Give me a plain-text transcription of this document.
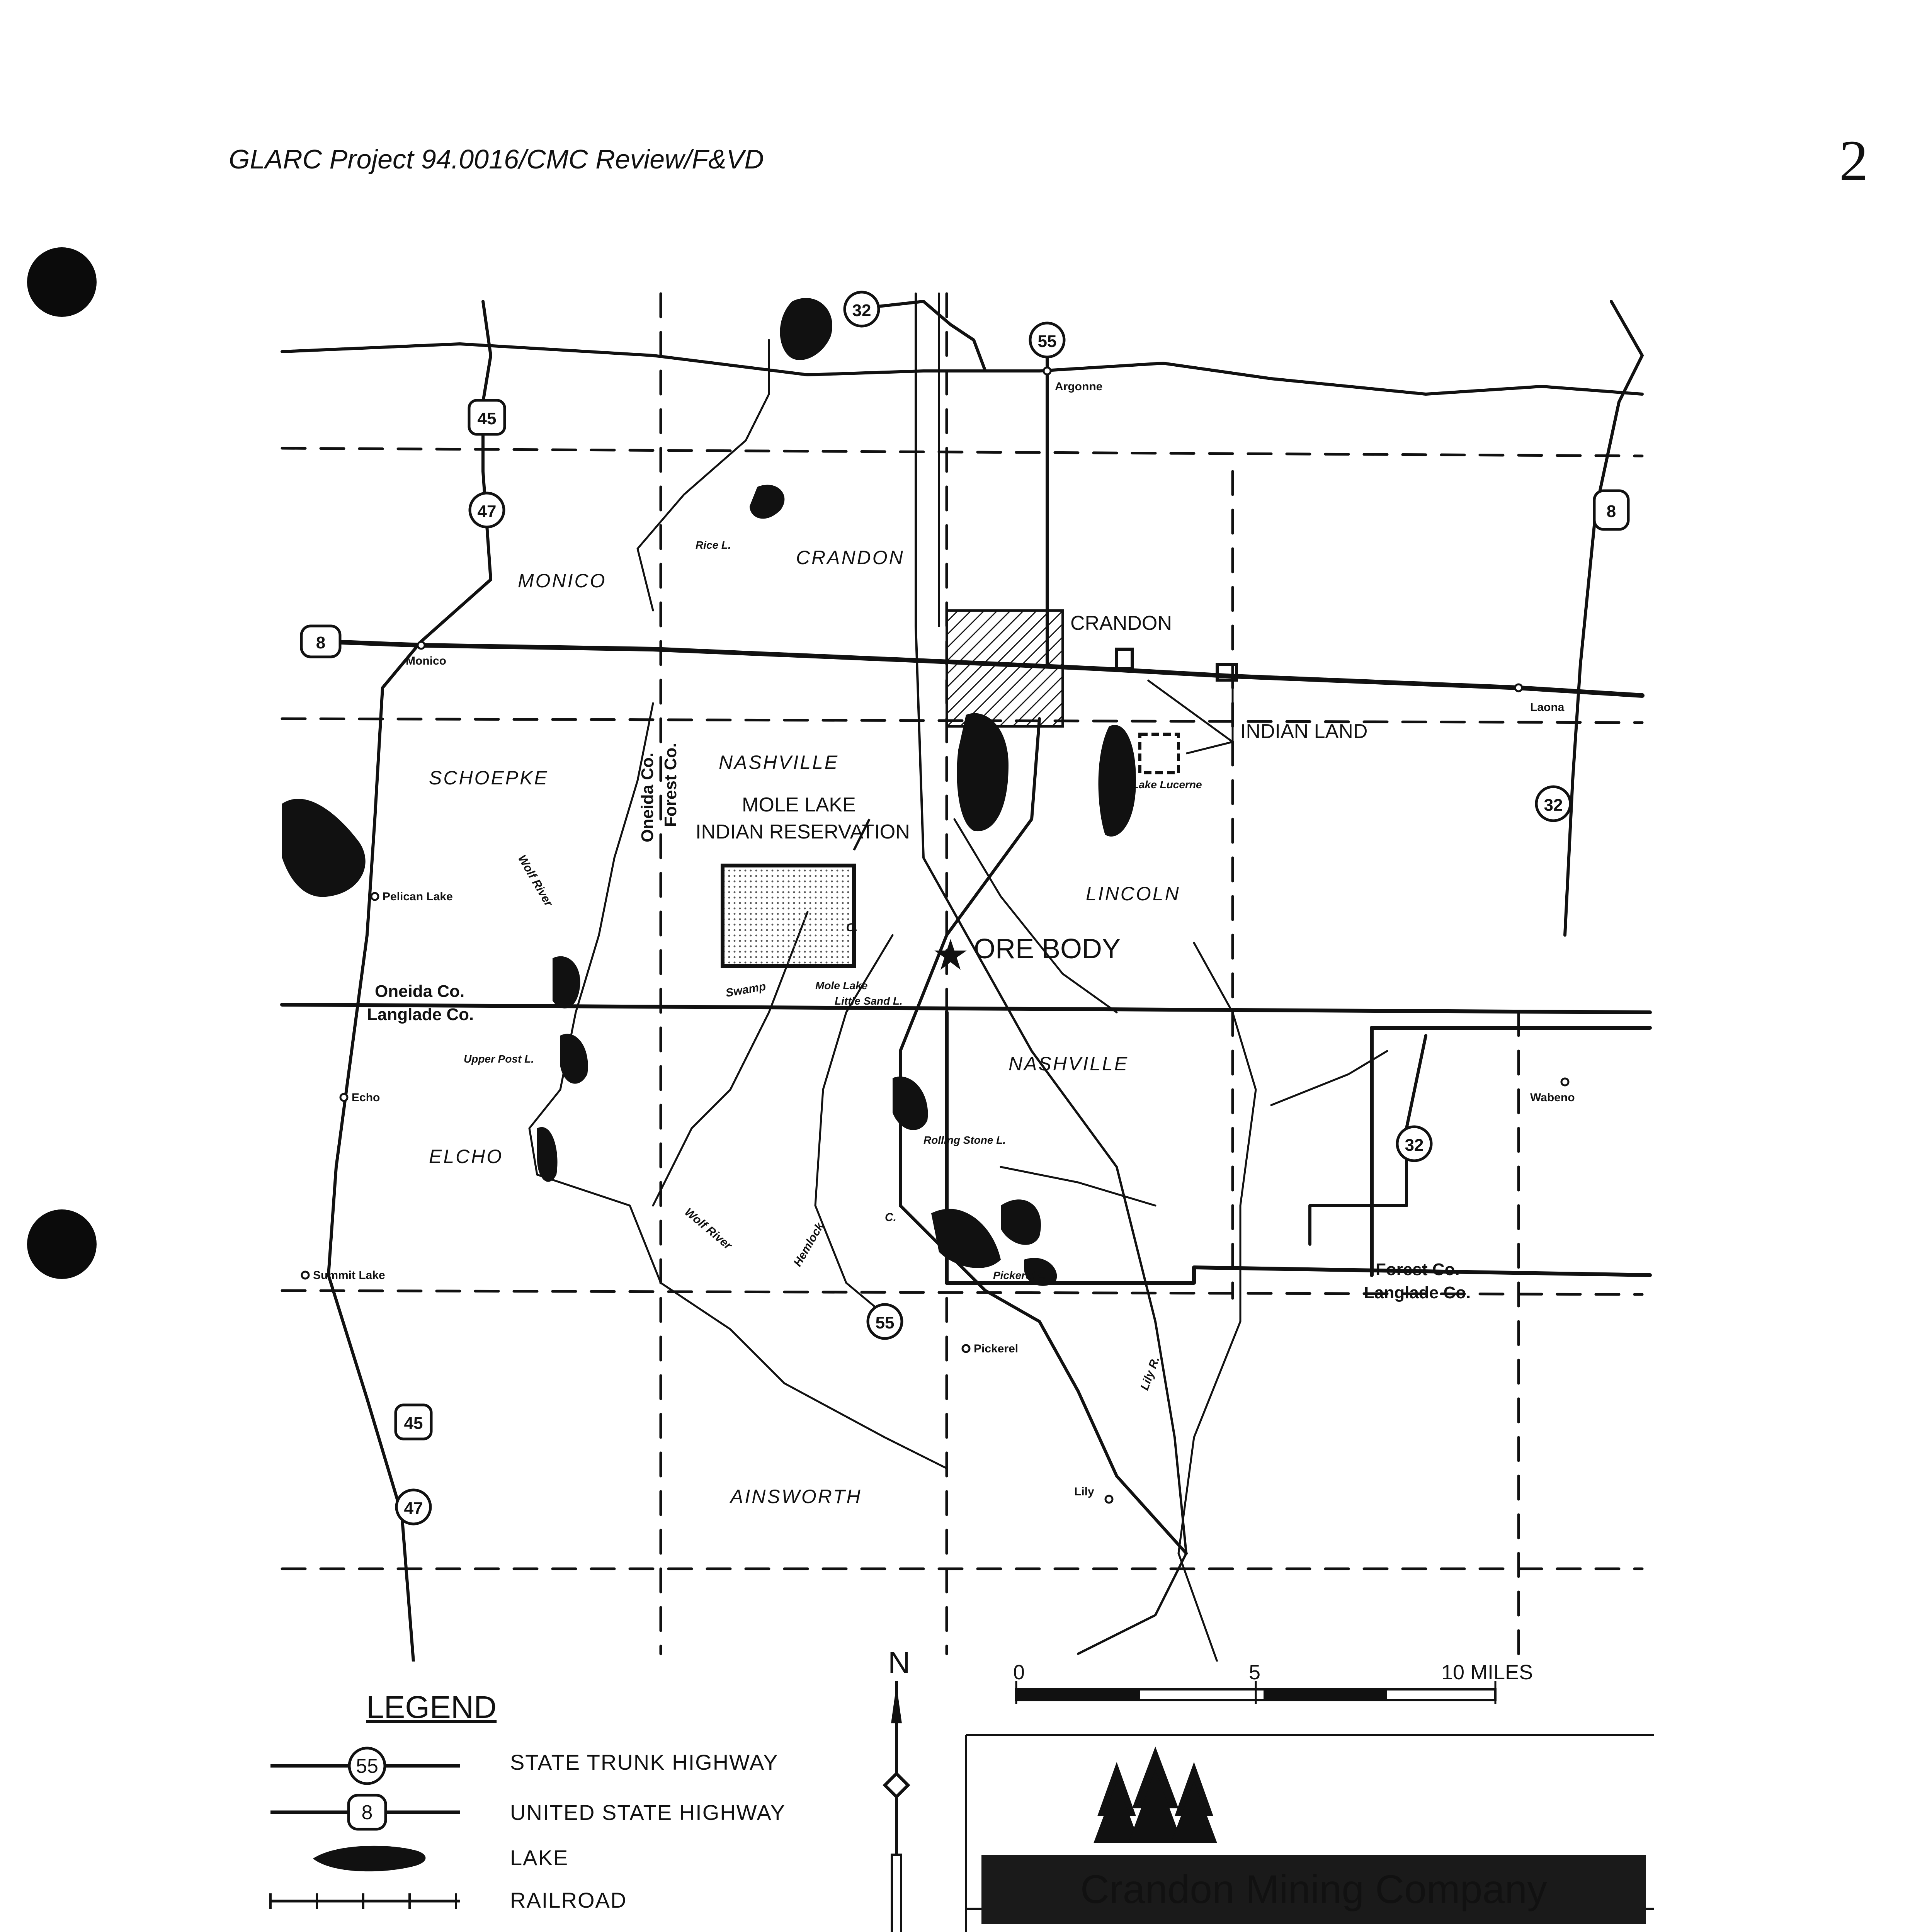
GLARC Project 94.0016/CMC Review/F&VD	2
32
55
45
47
8
8
32
32
55
45
47
Argonne
Monico
Laona
Pelican Lake
Echo	Wabeno
Summit Lake
Pickerel
Lily
MONICO
CRANDON
SCHOEPKE
NASHVILLE
LINCOLN
NASHVILLE
ELCHO
AINSWORTH
Rice L.
Lake Lucerne
Upper Post L.
Little Sand L.
Rolling Stone L.
Pickerel L.
Mole Lake
Wolf River
Wolf River
Swamp
Hemlock
Lily R.
C.
C.
Oneida Co. Forest Co.
Oneida Co.
Langlade Co.
Forest Co.
Langlade Co.
CRANDON
INDIAN LAND
MOLE LAKE
INDIAN RESERVATION
ORE BODY
0	5	10 MILES
N
LEGEND
55
8
STATE TRUNK HIGHWAY
UNITED STATE HIGHWAY
LAKE
RAILROAD	Crandon Mining Company
